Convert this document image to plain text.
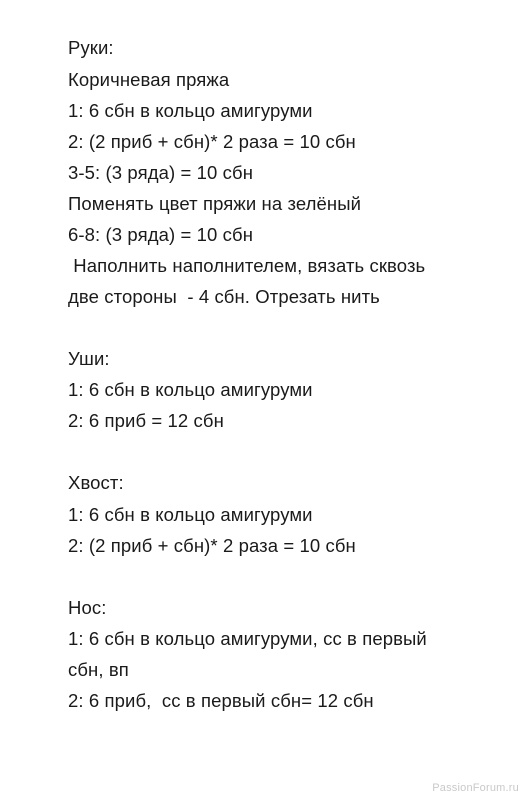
Руки:
Коричневая пряжа
1: 6 сбн в кольцо амигуруми
2: (2 приб + сбн)* 2 раза = 10 сбн
3-5: (3 ряда) = 10 сбн
Поменять цвет пряжи на зелёный
6-8: (3 ряда) = 10 сбн
Наполнить наполнителем, вязать сквозь
две стороны  - 4 сбн. Отрезать нить
Уши:
1: 6 сбн в кольцо амигуруми
2: 6 приб = 12 сбн
Хвост:
1: 6 сбн в кольцо амигуруми
2: (2 приб + сбн)* 2 раза = 10 сбн
Нос:
1: 6 сбн в кольцо амигуруми, сс в первый
сбн, вп
2: 6 приб,  сс в первый сбн= 12 сбн
PassionForum.ru
